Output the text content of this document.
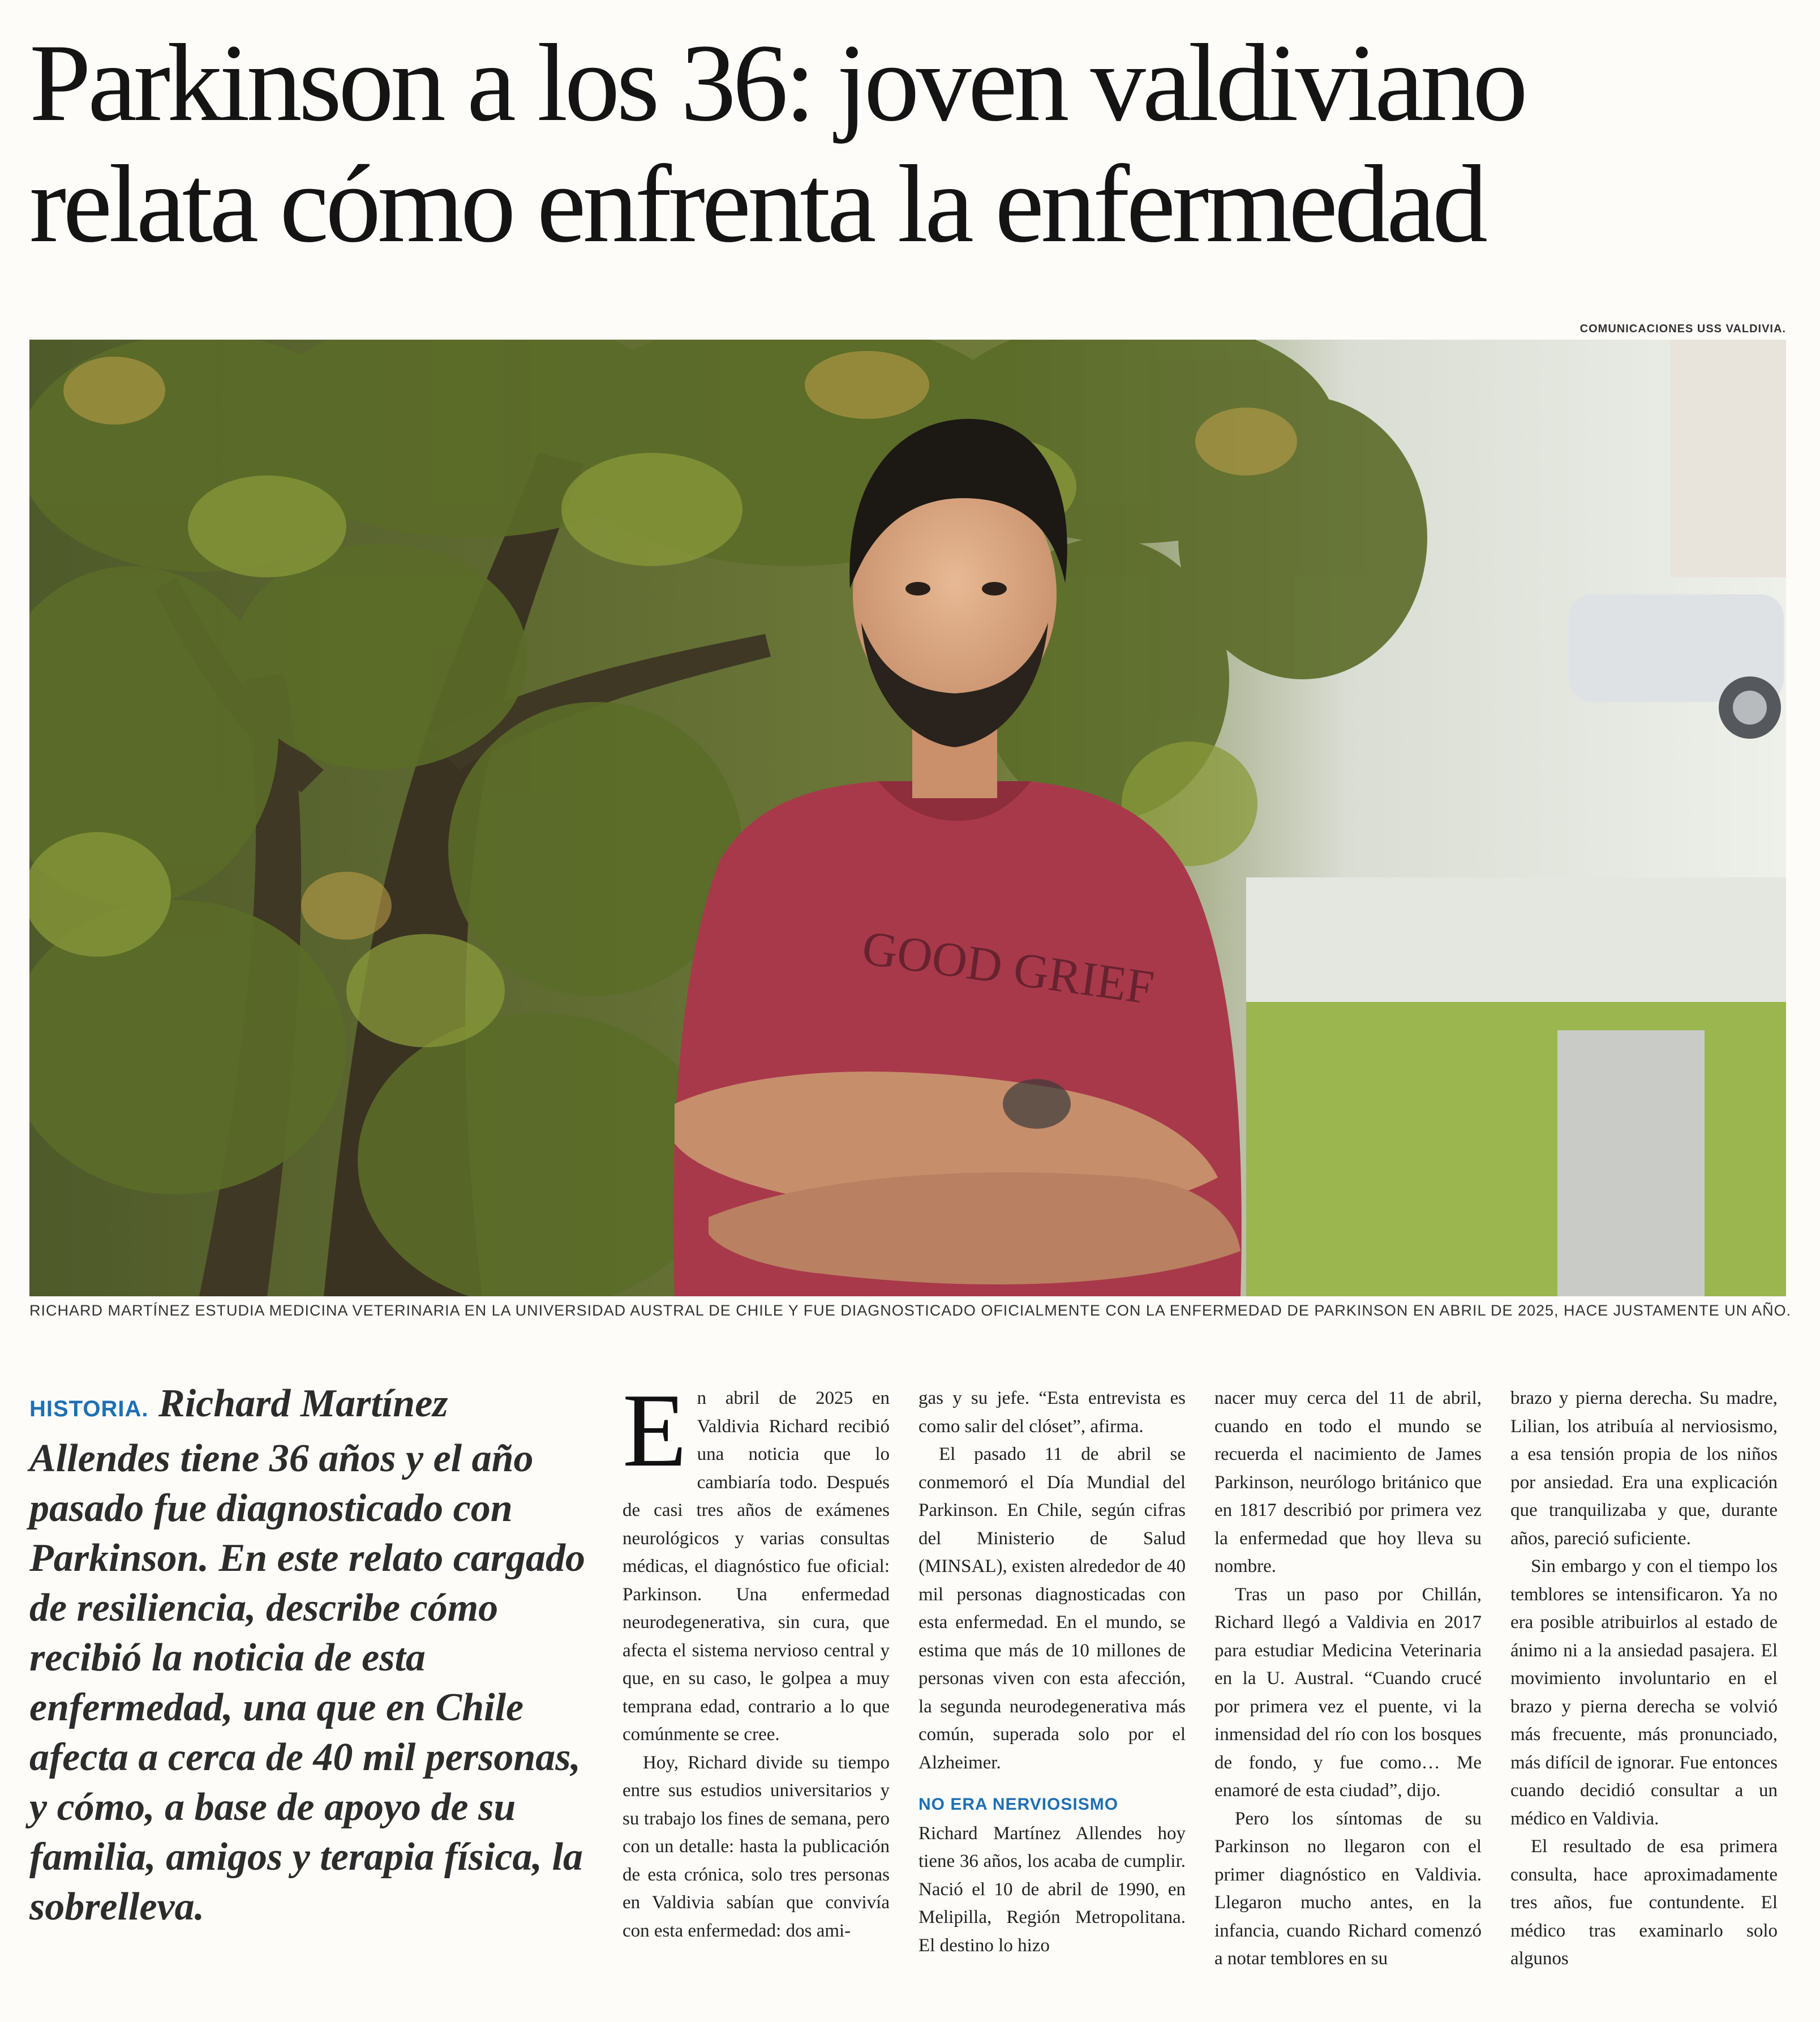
Parkinson a los 36: joven valdiviano
relata cómo enfrenta la enfermedad
COMUNICACIONES USS VALDIVIA.
GOOD GRIEF
RICHARD MARTÍNEZ ESTUDIA MEDICINA VETERINARIA EN LA UNIVERSIDAD AUSTRAL DE CHILE Y FUE DIAGNOSTICADO OFICIALMENTE CON LA ENFERMEDAD DE PARKINSON EN ABRIL DE 2025, HACE JUSTAMENTE UN AÑO.

HISTORIA. Richard Martínez Allendes tiene 36 años y el año pasado fue diagnosticado con Parkinson. En este relato cargado de resiliencia, describe cómo recibió la noticia de esta enfermedad, una que en Chile afecta a cerca de 40 mil personas, y cómo, a base de apoyo de su familia, amigos y terapia física, la sobrelleva.

En abril de 2025 en Valdivia Richard recibió una noticia que lo cambiaría todo. Después de casi tres años de exámenes neurológicos y varias consultas médicas, el diagnóstico fue oficial: Parkinson. Una enfermedad neurodegenerativa, sin cura, que afecta el sistema nervioso central y que, en su caso, le golpea a muy temprana edad, contrario a lo que comúnmente se cree.

Hoy, Richard divide su tiempo entre sus estudios universitarios y su trabajo los fines de semana, pero con un detalle: hasta la publicación de esta crónica, solo tres personas en Valdivia sabían que convivía con esta enfermedad: dos ami-

gas y su jefe. “Esta entrevista es como salir del clóset”, afirma.

El pasado 11 de abril se conmemoró el Día Mundial del Parkinson. En Chile, según cifras del Ministerio de Salud (MINSAL), existen alrededor de 40 mil personas diagnosticadas con esta enfermedad. En el mundo, se estima que más de 10 millones de personas viven con esta afección, la segunda neurodegenerativa más común, superada solo por el Alzheimer.

NO ERA NERVIOSISMO

Richard Martínez Allendes hoy tiene 36 años, los acaba de cumplir. Nació el 10 de abril de 1990, en Melipilla, Región Metropolitana. El destino lo hizo

nacer muy cerca del 11 de abril, cuando en todo el mundo se recuerda el nacimiento de James Parkinson, neurólogo británico que en 1817 describió por primera vez la enfermedad que hoy lleva su nombre.

Tras un paso por Chillán, Richard llegó a Valdivia en 2017 para estudiar Medicina Veterinaria en la U. Austral. “Cuando crucé por primera vez el puente, vi la inmensidad del río con los bosques de fondo, y fue como… Me enamoré de esta ciudad”, dijo.

Pero los síntomas de su Parkinson no llegaron con el primer diagnóstico en Valdivia. Llegaron mucho antes, en la infancia, cuando Richard comenzó a notar temblores en su

brazo y pierna derecha. Su madre, Lilian, los atribuía al nerviosismo, a esa tensión propia de los niños por ansiedad. Era una explicación que tranquilizaba y que, durante años, pareció suficiente.

Sin embargo y con el tiempo los temblores se intensificaron. Ya no era posible atribuirlos al estado de ánimo ni a la ansiedad pasajera. El movimiento involuntario en el brazo y pierna derecha se volvió más frecuente, más pronunciado, más difícil de ignorar. Fue entonces cuando decidió consultar a un médico en Valdivia.

El resultado de esa primera consulta, hace aproximadamente tres años, fue contundente. El médico tras examinarlo solo algunos
